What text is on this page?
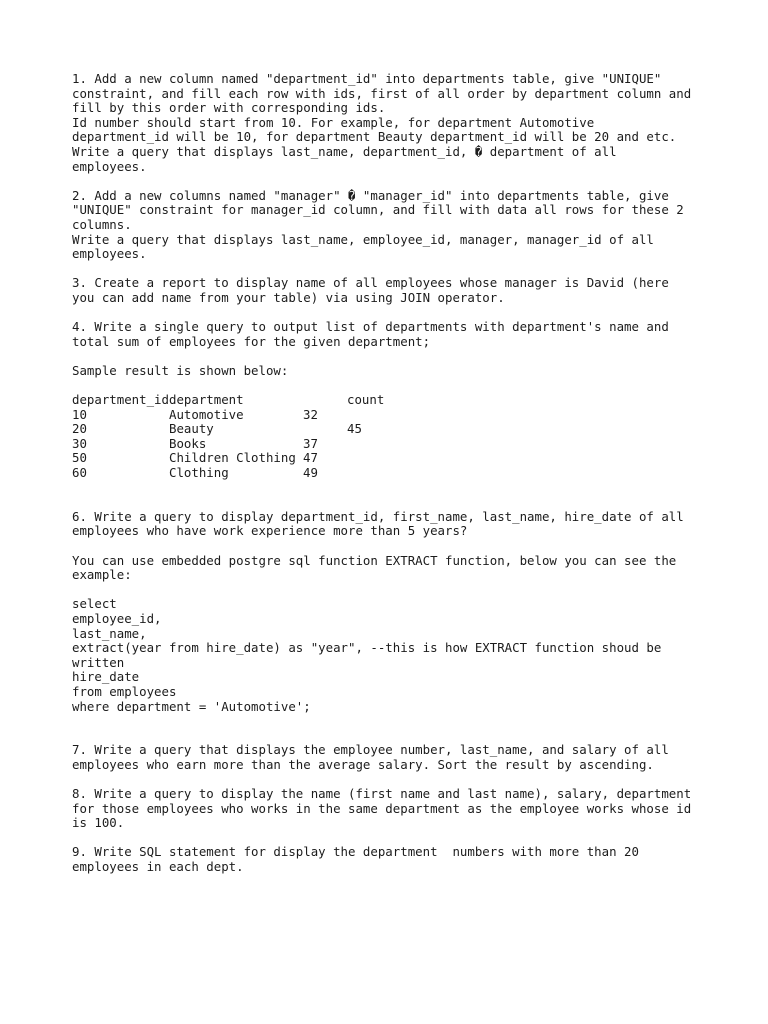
1. Add a new column named "department_id" into departments table, give "UNIQUE"
constraint, and fill each row with ids, first of all order by department column and
fill by this order with corresponding ids.
Id number should start from 10. For example, for department Automotive
department_id will be 10, for department Beauty department_id will be 20 and etc.
Write a query that displays last_name, department_id, � department of all
employees.
2. Add a new columns named "manager" � "manager_id" into departments table, give
"UNIQUE" constraint for manager_id column, and fill with data all rows for these 2
columns.
Write a query that displays last_name, employee_id, manager, manager_id of all
employees.
3. Create a report to display name of all employees whose manager is David (here
you can add name from your table) via using JOIN operator.
4. Write a single query to output list of departments with department's name and
total sum of employees for the given department;
Sample result is shown below:
department_id	department		count
10	Automotive	32	
20	Beauty		45
30	Books	37	
50	Children Clothing	47	
60	Clothing	49	
6. Write a query to display department_id, first_name, last_name, hire_date of all
employees who have work experience more than 5 years?
You can use embedded postgre sql function EXTRACT function, below you can see the
example:
select
employee_id,
last_name,
extract(year from hire_date) as "year", --this is how EXTRACT function shoud be
written
hire_date
from employees
where department = 'Automotive';
7. Write a query that displays the employee number, last_name, and salary of all
employees who earn more than the average salary. Sort the result by ascending.
8. Write a query to display the name (first name and last name), salary, department
for those employees who works in the same department as the employee works whose id
is 100.
9. Write SQL statement for display the department  numbers with more than 20
employees in each dept.
